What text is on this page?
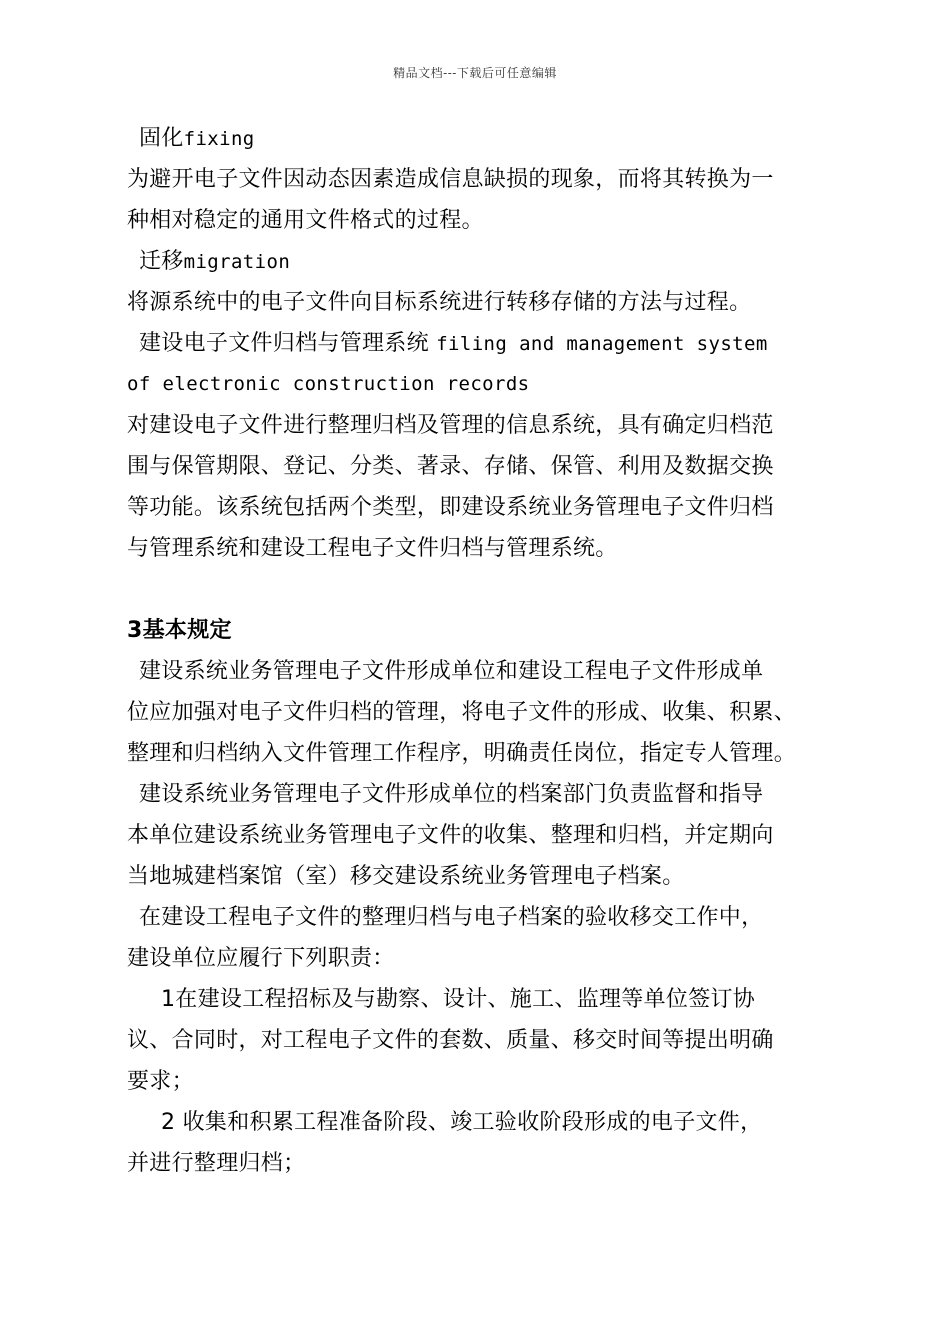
精品文档---下载后可任意编辑
固化fixing
为避开电子文件因动态因素造成信息缺损的现象，而将其转换为一
种相对稳定的通用文件格式的过程。
迁移migration
将源系统中的电子文件向目标系统进行转移存储的方法与过程。
建设电子文件归档与管理系统 filing and management system
of electronic construction records
对建设电子文件进行整理归档及管理的信息系统，具有确定归档范
围与保管期限、登记、分类、著录、存储、保管、利用及数据交换
等功能。该系统包括两个类型，即建设系统业务管理电子文件归档
与管理系统和建设工程电子文件归档与管理系统。
3基本规定
建设系统业务管理电子文件形成单位和建设工程电子文件形成单
位应加强对电子文件归档的管理，将电子文件的形成、收集、积累、
整理和归档纳入文件管理工作程序，明确责任岗位，指定专人管理。
建设系统业务管理电子文件形成单位的档案部门负责监督和指导
本单位建设系统业务管理电子文件的收集、整理和归档，并定期向
当地城建档案馆（室）移交建设系统业务管理电子档案。
在建设工程电子文件的整理归档与电子档案的验收移交工作中，
建设单位应履行下列职责：
1在建设工程招标及与勘察、设计、施工、监理等单位签订协
议、合同时，对工程电子文件的套数、质量、移交时间等提出明确
要求；
2 收集和积累工程准备阶段、竣工验收阶段形成的电子文件，
并进行整理归档；
